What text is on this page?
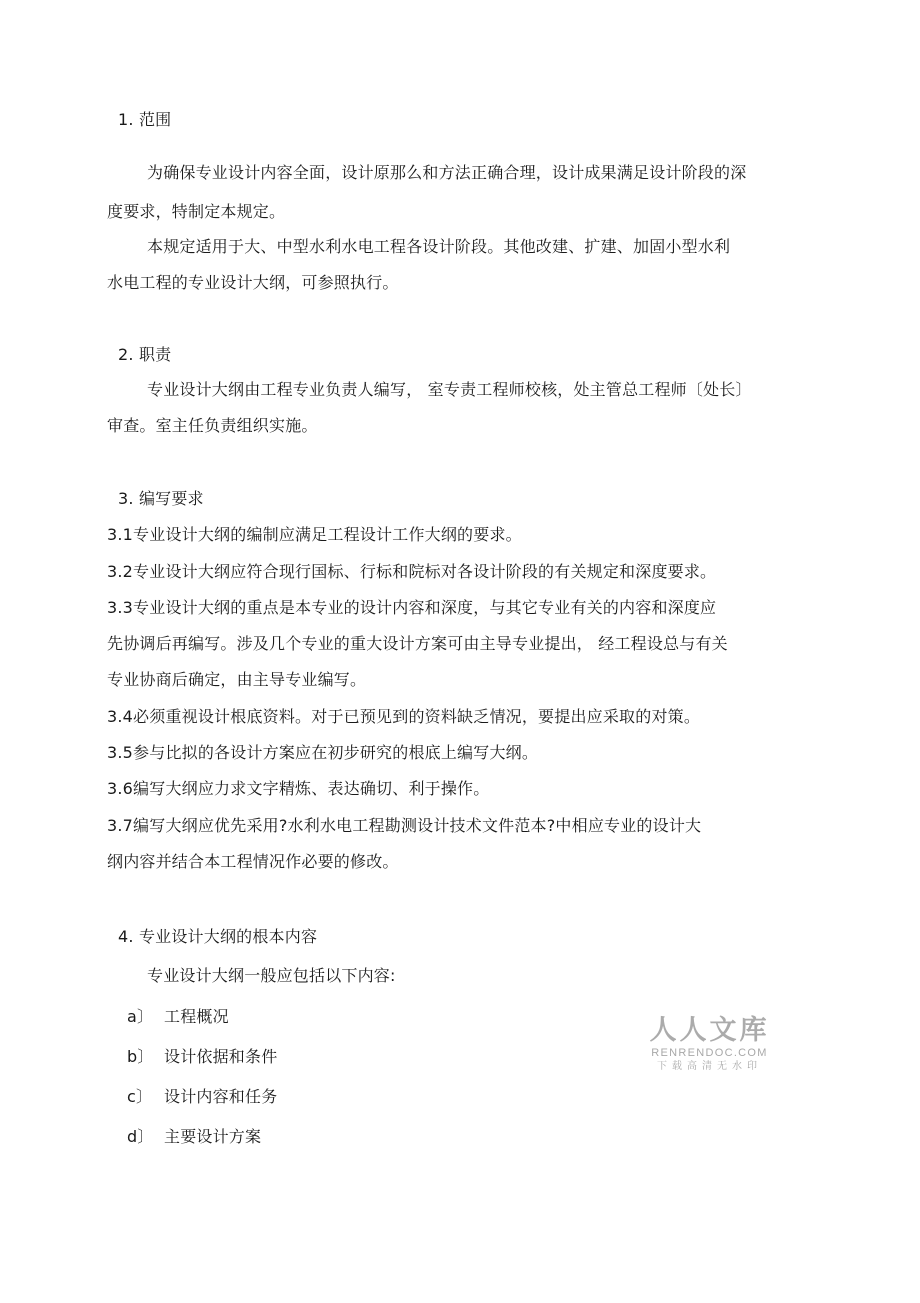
1. 范围
为确保专业设计内容全面，设计原那么和方法正确合理，设计成果满足设计阶段的深
度要求，特制定本规定。
本规定适用于大、中型水利水电工程各设计阶段。其他改建、扩建、加固小型水利
水电工程的专业设计大纲，可参照执行。
2. 职责
专业设计大纲由工程专业负责人编写， 室专责工程师校核，处主管总工程师〔处长〕
审查。室主任负责组织实施。
3. 编写要求
3.1专业设计大纲的编制应满足工程设计工作大纲的要求。
3.2专业设计大纲应符合现行国标、行标和院标对各设计阶段的有关规定和深度要求。
3.3专业设计大纲的重点是本专业的设计内容和深度，与其它专业有关的内容和深度应
先协调后再编写。涉及几个专业的重大设计方案可由主导专业提出， 经工程设总与有关
专业协商后确定，由主导专业编写。
3.4必须重视设计根底资料。对于已预见到的资料缺乏情况，要提出应采取的对策。
3.5参与比拟的各设计方案应在初步研究的根底上编写大纲。
3.6编写大纲应力求文字精炼、表达确切、利于操作。
3.7编写大纲应优先采用?水利水电工程勘测设计技术文件范本?中相应专业的设计大
纲内容并结合本工程情况作必要的修改。
4. 专业设计大纲的根本内容
专业设计大纲一般应包括以下内容:
a〕 工程概况
b〕 设计依据和条件
c〕 设计内容和任务
d〕 主要设计方案
人人文库
RENRENDOC.COM
下载高清无水印
